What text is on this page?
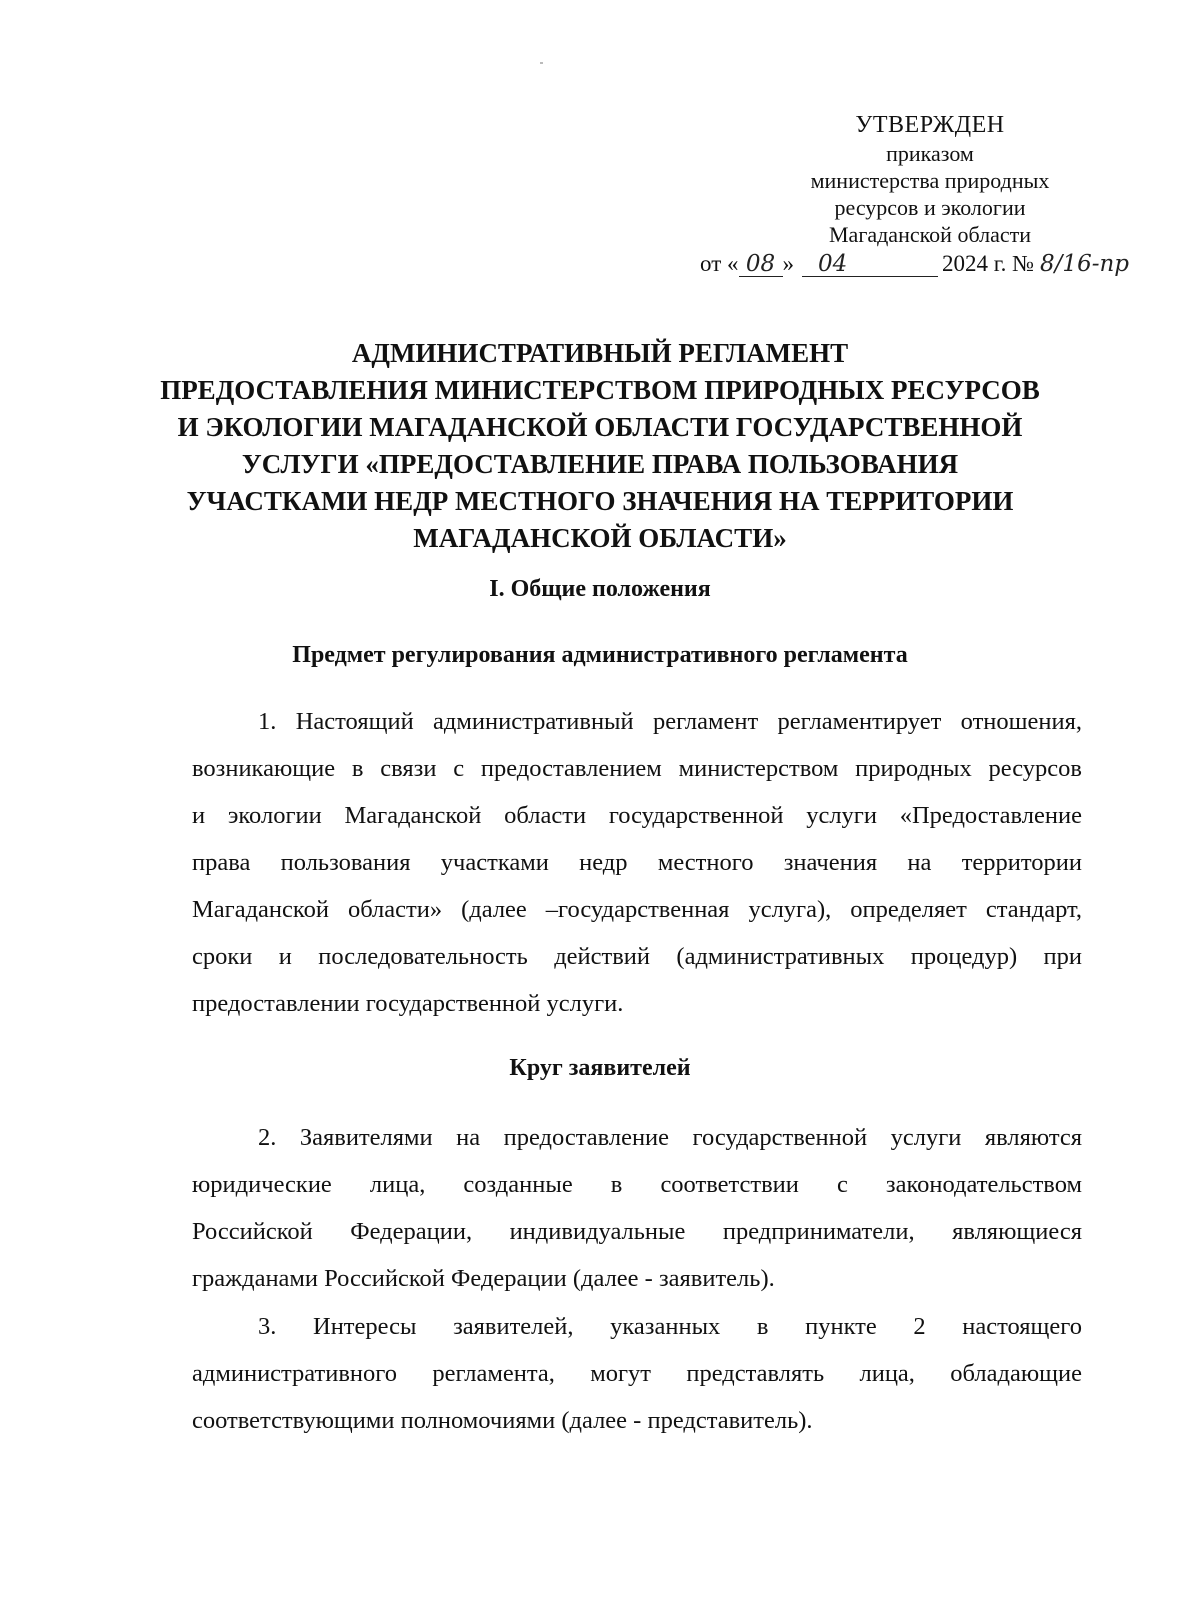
УТВЕРЖДЕН
приказом
министерства природных
ресурсов и экологии
Магаданской области
от « 08 » 04	2024 г. № 8/16-пр
АДМИНИСТРАТИВНЫЙ РЕГЛАМЕНТ
ПРЕДОСТАВЛЕНИЯ МИНИСТЕРСТВОМ ПРИРОДНЫХ РЕСУРСОВ
И ЭКОЛОГИИ МАГАДАНСКОЙ ОБЛАСТИ ГОСУДАРСТВЕННОЙ
УСЛУГИ «ПРЕДОСТАВЛЕНИЕ ПРАВА ПОЛЬЗОВАНИЯ
УЧАСТКАМИ НЕДР МЕСТНОГО ЗНАЧЕНИЯ НА ТЕРРИТОРИИ
МАГАДАНСКОЙ ОБЛАСТИ»
I. Общие положения
Предмет регулирования административного регламента
1. Настоящий административный регламент регламентирует отношения,
возникающие в связи с предоставлением министерством природных ресурсов
и экологии Магаданской области государственной услуги «Предоставление
права пользования участками недр местного значения на территории
Магаданской области» (далее –государственная услуга), определяет стандарт,
сроки и последовательность действий (административных процедур) при
предоставлении государственной услуги.
Круг заявителей
2. Заявителями на предоставление государственной услуги являются
юридические лица, созданные в соответствии с законодательством
Российской Федерации, индивидуальные предприниматели, являющиеся
гражданами Российской Федерации (далее - заявитель).
3. Интересы заявителей, указанных в пункте 2 настоящего
административного регламента, могут представлять лица, обладающие
соответствующими полномочиями (далее - представитель).
